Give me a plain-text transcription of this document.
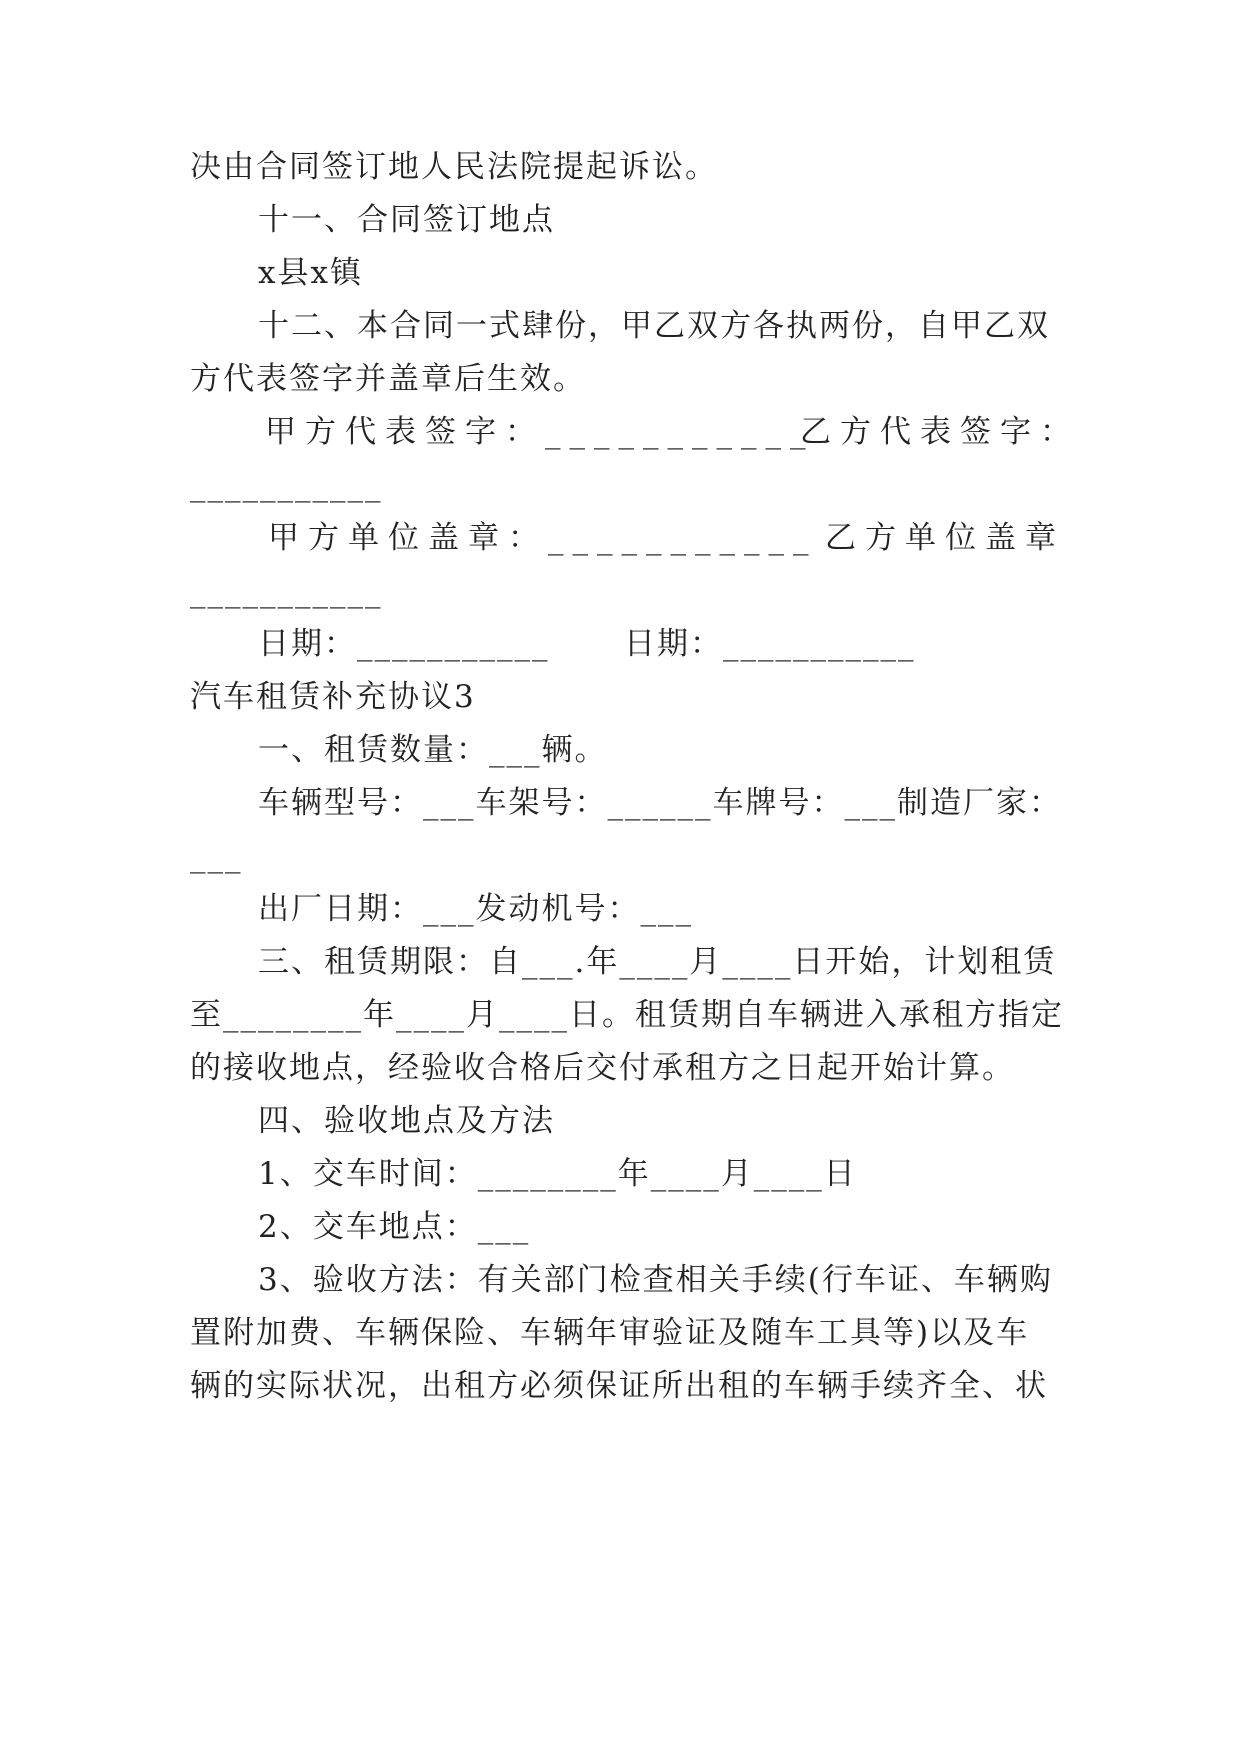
决由合同签订地人民法院提起诉讼。
十一、合同签订地点
x县x镇
十二、本合同一式肆份，甲乙双方各执两份，自甲乙双
方代表签字并盖章后生效。
甲方代表签字：___________
乙方代表签字：
___________
甲方单位盖章：___________ 乙方单位盖章
___________
日期：___________ 日期：___________
汽车租赁补充协议3
一、租赁数量：___辆。
车辆型号：___车架号：______车牌号：___制造厂家：
___
出厂日期：___发动机号：___
三、租赁期限：自___.年____月____日开始，计划租赁
至________年____月____日。租赁期自车辆进入承租方指定
的接收地点，经验收合格后交付承租方之日起开始计算。
四、验收地点及方法
1、交车时间：________年____月____日
2、交车地点：___
3、验收方法：有关部门检查相关手续(行车证、车辆购
置附加费、车辆保险、车辆年审验证及随车工具等)以及车
辆的实际状况，出租方必须保证所出租的车辆手续齐全、状
